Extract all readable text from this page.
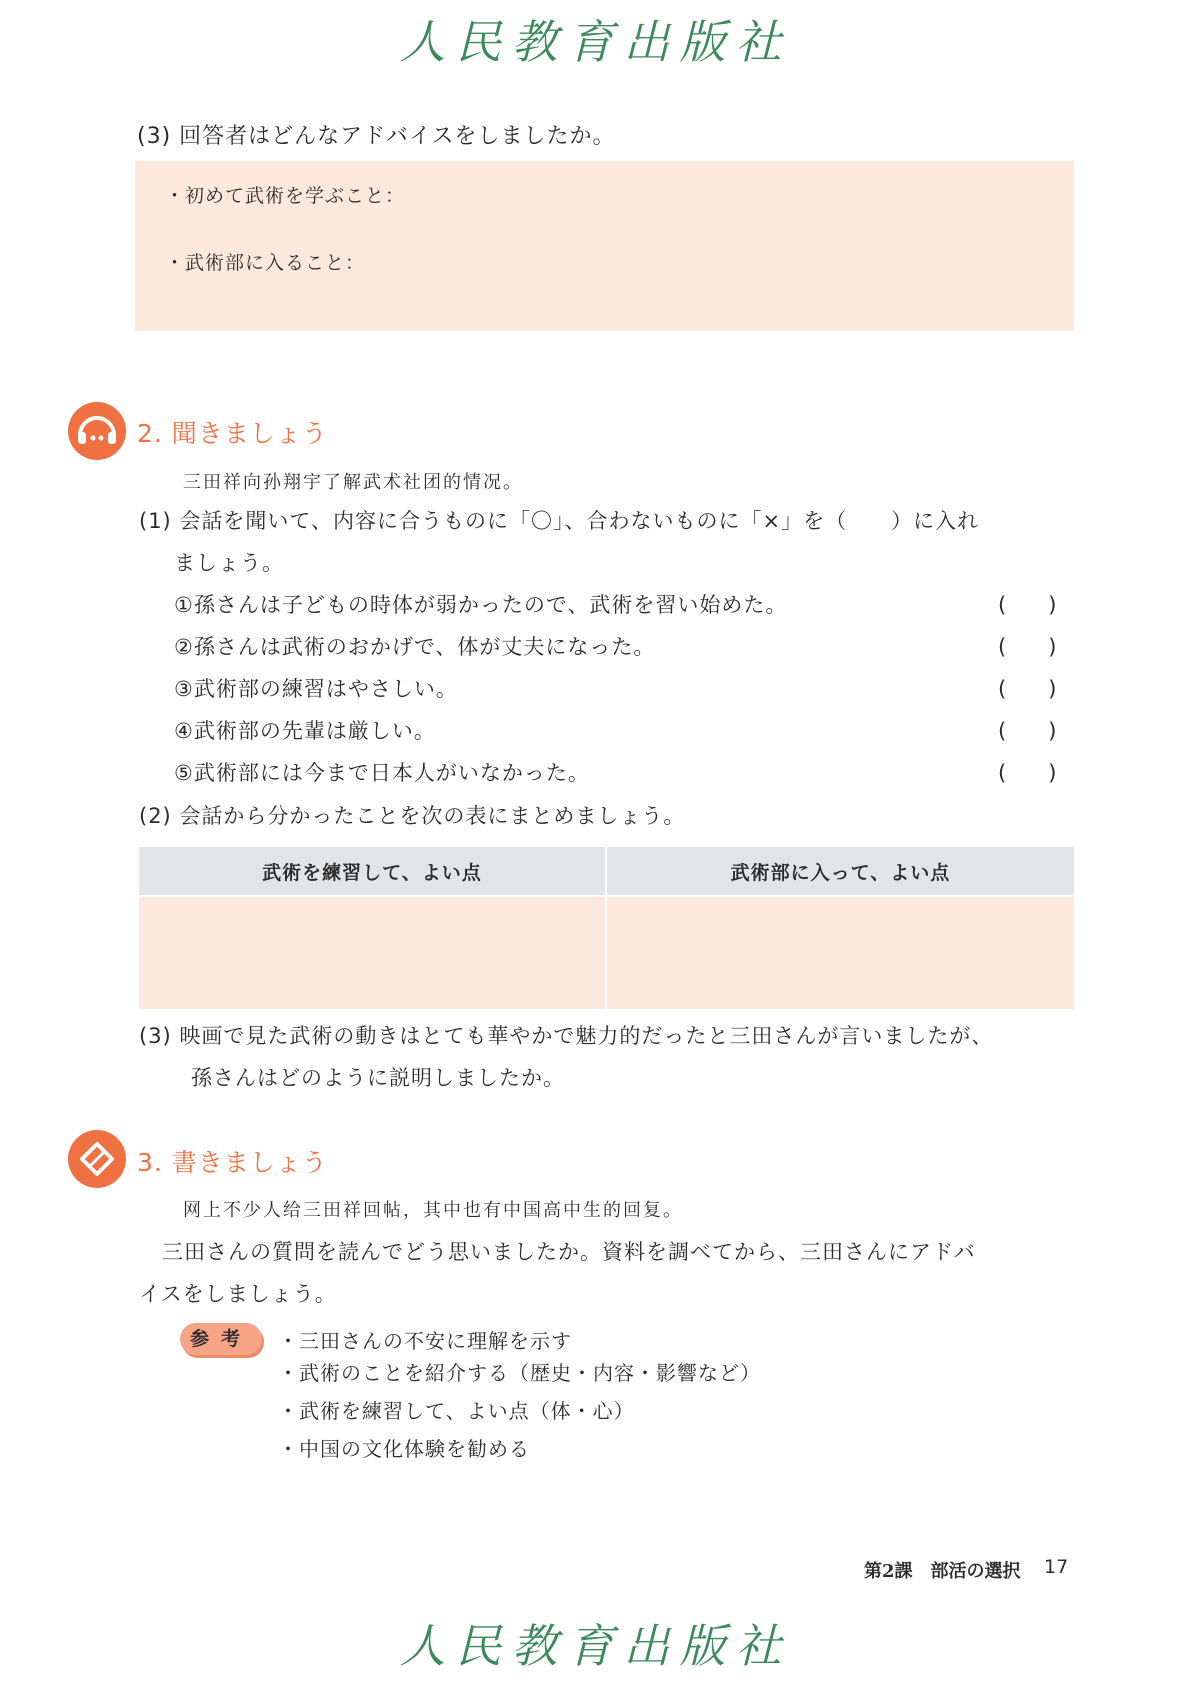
人民教育出版社
(3) 回答者はどんなアドバイスをしましたか。
・初めて武術を学ぶこと：
・武術部に入ること：
2. 聞きましょう
三田祥向孙翔宇了解武术社团的情况。
(1) 会話を聞いて、内容に合うものに「〇」、合わないものに「×」を（　　）に入れ
ましょう。
①孫さんは子どもの時体が弱かったので、武術を習い始めた。	(　　)
②孫さんは武術のおかげで、体が丈夫になった。	(　　)
③武術部の練習はやさしい。	(　　)
④武術部の先輩は厳しい。	(　　)
⑤武術部には今まで日本人がいなかった。	(　　)
(2) 会話から分かったことを次の表にまとめましょう。
武術を練習して、よい点	武術部に入って、よい点

(3) 映画で見た武術の動きはとても華やかで魅力的だったと三田さんが言いましたが、
孫さんはどのように説明しましたか。
3. 書きましょう
网上不少人给三田祥回帖，其中也有中国高中生的回复。
三田さんの質問を読んでどう思いましたか。資料を調べてから、三田さんにアドバ
イスをしましょう。
参考	・三田さんの不安に理解を示す
・武術のことを紹介する（歴史・内容・影響など）
・武術を練習して、よい点（体・心）
・中国の文化体験を勧める
第2課　部活の選択 17
人民教育出版社
